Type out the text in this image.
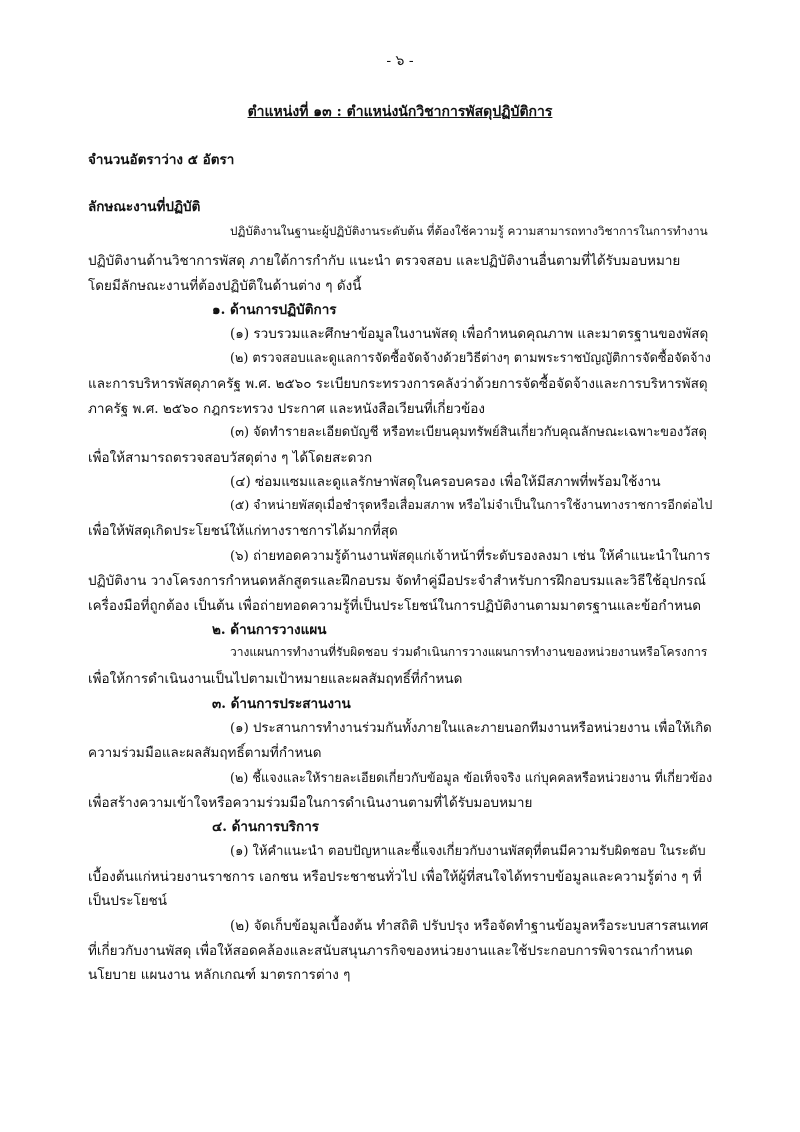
- ๖ -
ตำแหน่งที่ ๑๓ : ตำแหน่งนักวิชาการพัสดุปฏิบัติการ
จำนวนอัตราว่าง ๕ อัตรา
ลักษณะงานที่ปฏิบัติ
ปฏิบัติงานในฐานะผู้ปฏิบัติงานระดับต้น ที่ต้องใช้ความรู้ ความสามารถทางวิชาการในการทำงาน
ปฏิบัติงานด้านวิชาการพัสดุ ภายใต้การกำกับ แนะนำ ตรวจสอบ และปฏิบัติงานอื่นตามที่ได้รับมอบหมาย
โดยมีลักษณะงานที่ต้องปฏิบัติในด้านต่าง ๆ ดังนี้
๑. ด้านการปฏิบัติการ
(๑) รวบรวมและศึกษาข้อมูลในงานพัสดุ เพื่อกำหนดคุณภาพ และมาตรฐานของพัสดุ
(๒) ตรวจสอบและดูแลการจัดซื้อจัดจ้างด้วยวิธีต่างๆ ตามพระราชบัญญัติการจัดซื้อจัดจ้าง
และการบริหารพัสดุภาครัฐ พ.ศ. ๒๕๖๐ ระเบียบกระทรวงการคลังว่าด้วยการจัดซื้อจัดจ้างและการบริหารพัสดุ
ภาครัฐ พ.ศ. ๒๕๖๐ กฎกระทรวง ประกาศ และหนังสือเวียนที่เกี่ยวข้อง
(๓) จัดทำรายละเอียดบัญชี หรือทะเบียนคุมทรัพย์สินเกี่ยวกับคุณลักษณะเฉพาะของวัสดุ
เพื่อให้สามารถตรวจสอบวัสดุต่าง ๆ ได้โดยสะดวก
(๔) ซ่อมแซมและดูแลรักษาพัสดุในครอบครอง เพื่อให้มีสภาพที่พร้อมใช้งาน
(๕) จำหน่ายพัสดุเมื่อชำรุดหรือเสื่อมสภาพ หรือไม่จำเป็นในการใช้งานทางราชการอีกต่อไป
เพื่อให้พัสดุเกิดประโยชน์ให้แก่ทางราชการได้มากที่สุด
(๖) ถ่ายทอดความรู้ด้านงานพัสดุแก่เจ้าหน้าที่ระดับรองลงมา เช่น ให้คำแนะนำในการ
ปฏิบัติงาน วางโครงการกำหนดหลักสูตรและฝึกอบรม จัดทำคู่มือประจำสำหรับการฝึกอบรมและวิธีใช้อุปกรณ์
เครื่องมือที่ถูกต้อง เป็นต้น เพื่อถ่ายทอดความรู้ที่เป็นประโยชน์ในการปฏิบัติงานตามมาตรฐานและข้อกำหนด
๒. ด้านการวางแผน
วางแผนการทำงานที่รับผิดชอบ ร่วมดำเนินการวางแผนการทำงานของหน่วยงานหรือโครงการ
เพื่อให้การดำเนินงานเป็นไปตามเป้าหมายและผลสัมฤทธิ์ที่กำหนด
๓. ด้านการประสานงาน
(๑) ประสานการทำงานร่วมกันทั้งภายในและภายนอกทีมงานหรือหน่วยงาน เพื่อให้เกิด
ความร่วมมือและผลสัมฤทธิ์ตามที่กำหนด
(๒) ชี้แจงและให้รายละเอียดเกี่ยวกับข้อมูล ข้อเท็จจริง แก่บุคคลหรือหน่วยงาน ที่เกี่ยวข้อง
เพื่อสร้างความเข้าใจหรือความร่วมมือในการดำเนินงานตามที่ได้รับมอบหมาย
๔. ด้านการบริการ
(๑) ให้คำแนะนำ ตอบปัญหาและชี้แจงเกี่ยวกับงานพัสดุที่ตนมีความรับผิดชอบ ในระดับ
เบื้องต้นแก่หน่วยงานราชการ เอกชน หรือประชาชนทั่วไป เพื่อให้ผู้ที่สนใจได้ทราบข้อมูลและความรู้ต่าง ๆ ที่
เป็นประโยชน์
(๒) จัดเก็บข้อมูลเบื้องต้น ทำสถิติ ปรับปรุง หรือจัดทำฐานข้อมูลหรือระบบสารสนเทศ
ที่เกี่ยวกับงานพัสดุ เพื่อให้สอดคล้องและสนับสนุนภารกิจของหน่วยงานและใช้ประกอบการพิจารณากำหนด
นโยบาย แผนงาน หลักเกณฑ์ มาตรการต่าง ๆ
